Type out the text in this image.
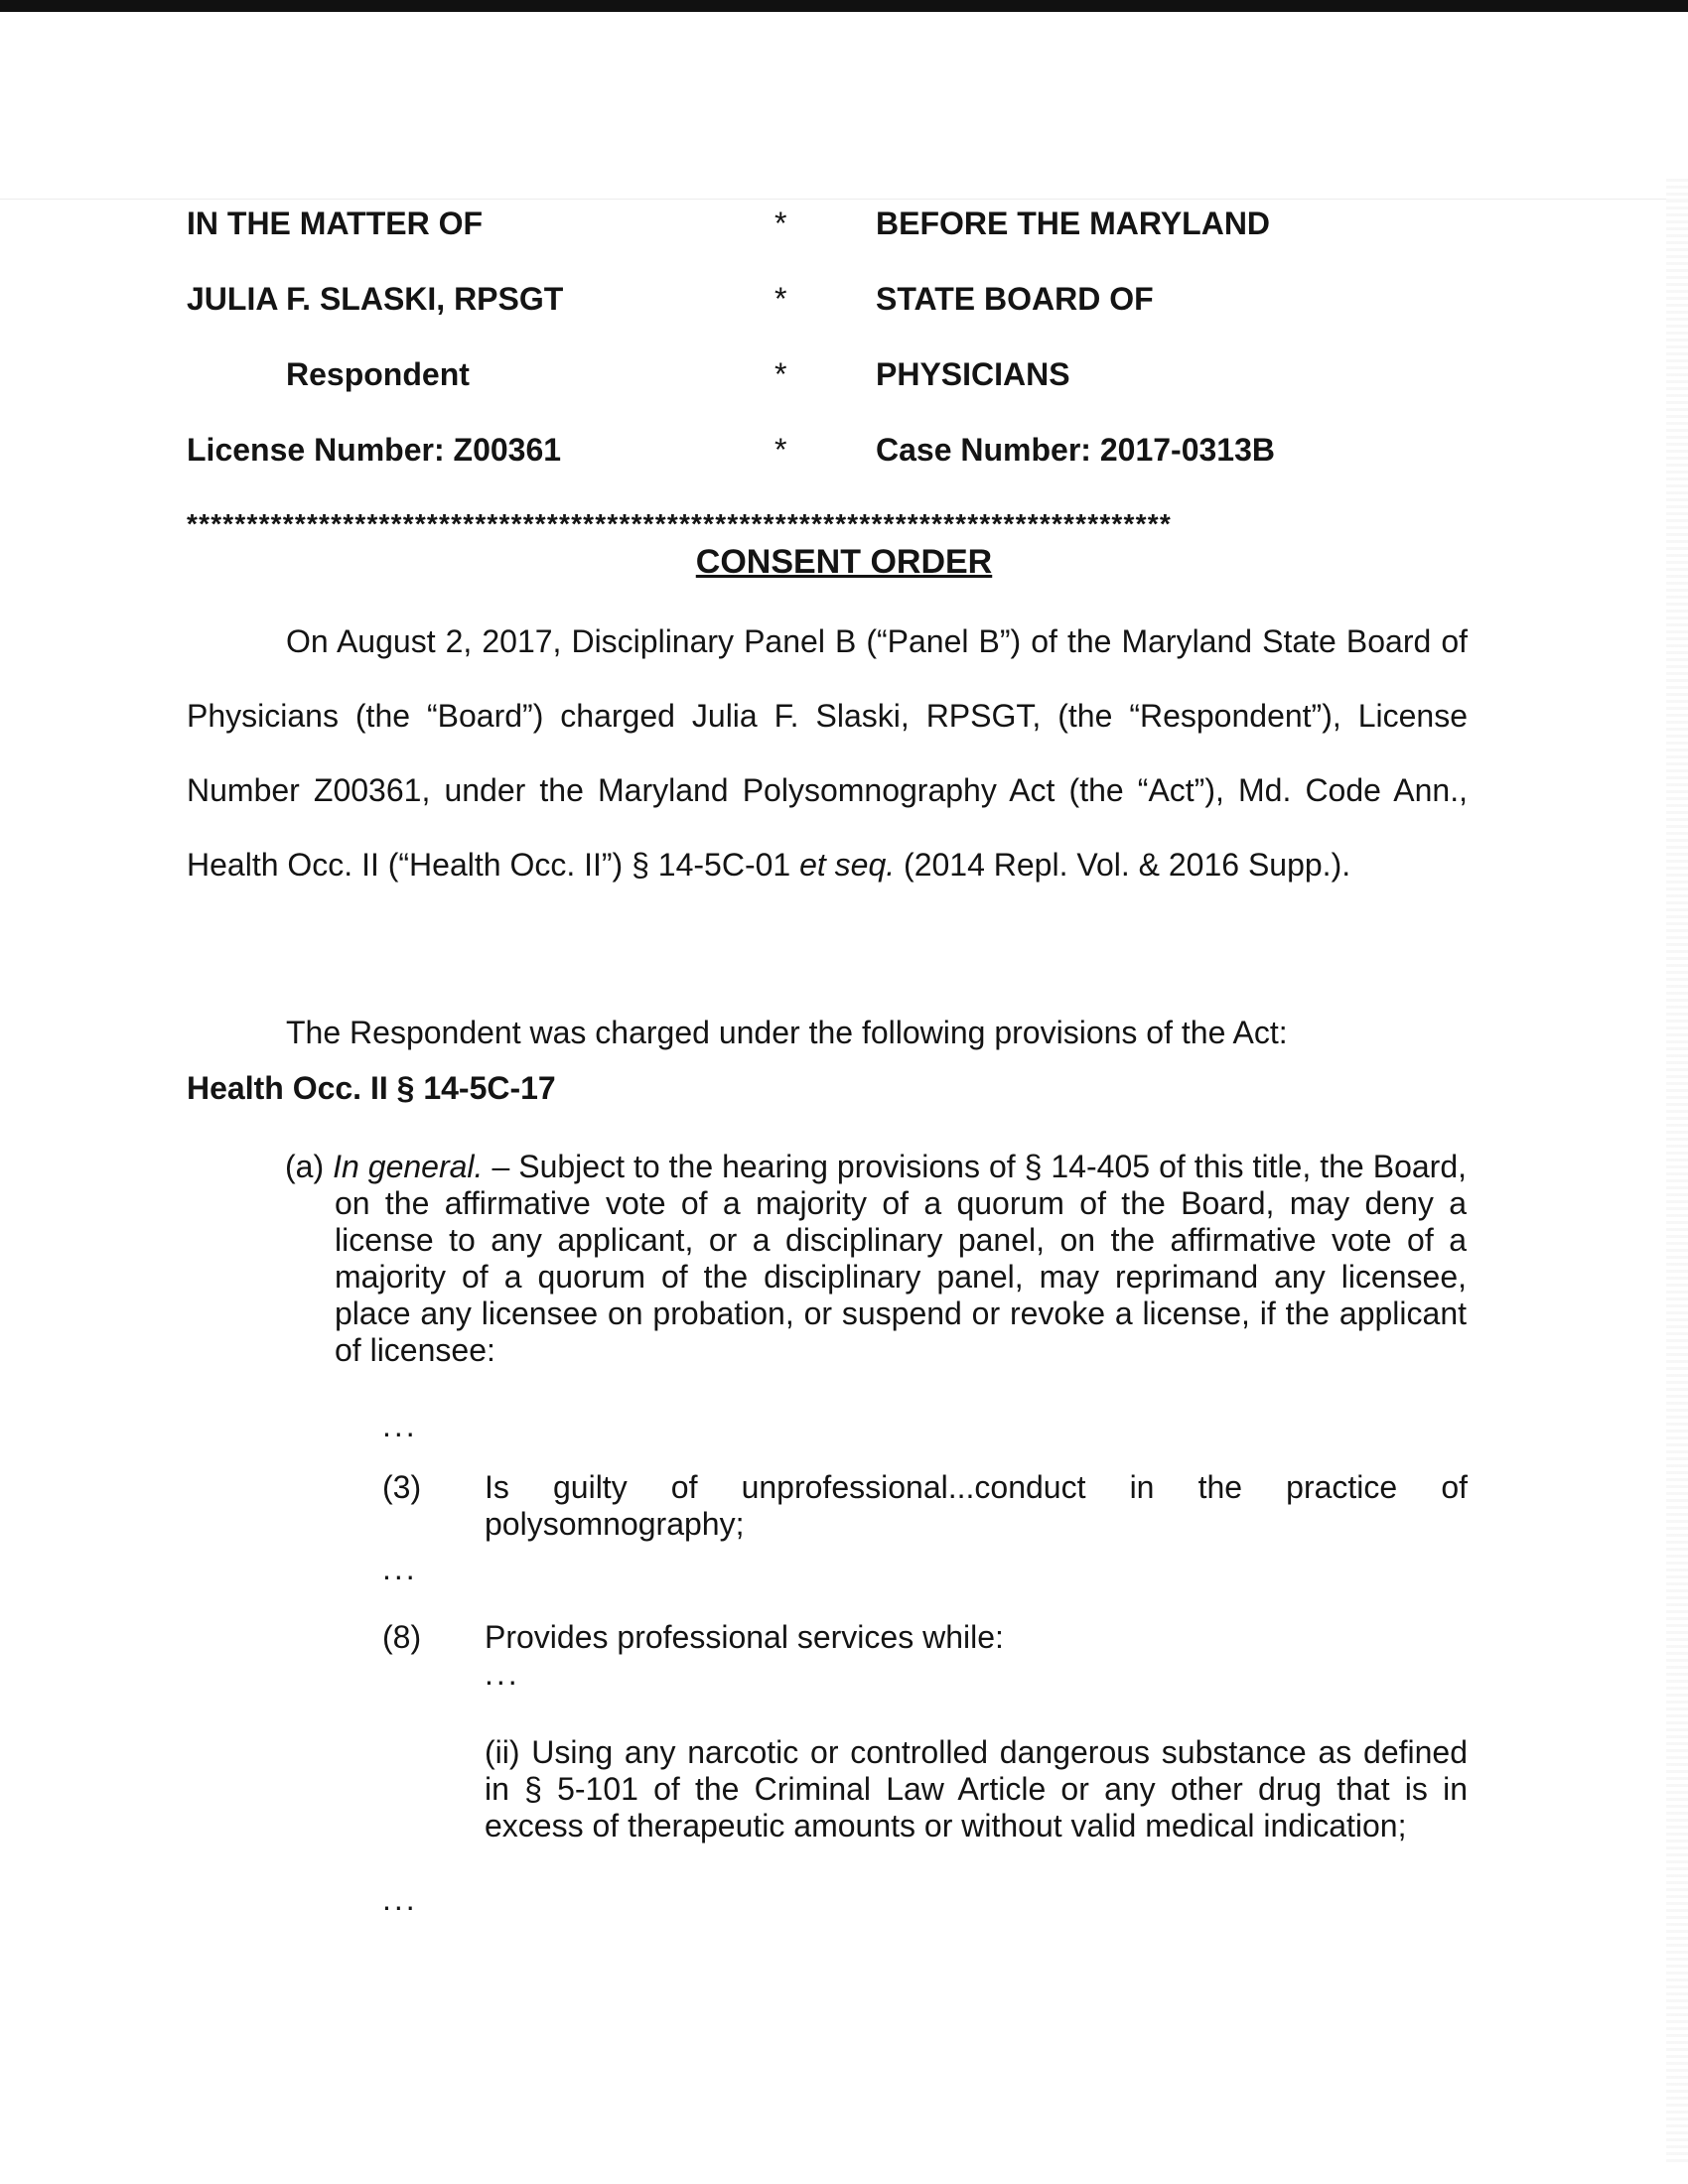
IN THE MATTER OF	*	BEFORE THE MARYLAND
JULIA F. SLASKI, RPSGT	*	STATE BOARD OF
Respondent	*	PHYSICIANS
License Number: Z00361	*	Case Number: 2017-0313B
**********************************************************************************
CONSENT ORDER
On August 2, 2017, Disciplinary Panel B (“Panel B”) of the Maryland State Board of Physicians (the “Board”) charged Julia F. Slaski, RPSGT, (the “Respondent”), License Number Z00361, under the Maryland Polysomnography Act (the “Act”), Md. Code Ann., Health Occ. II (“Health Occ. II”) § 14-5C-01 et seq. (2014 Repl. Vol. & 2016 Supp.).
The Respondent was charged under the following provisions of the Act:
Health Occ. II § 14-5C-17

(a) In general. – Subject to the hearing provisions of § 14-405 of this title, the Board, on the affirmative vote of a majority of a quorum of the Board, may deny a license to any applicant, or a disciplinary panel, on the affirmative vote of a majority of a quorum of the disciplinary panel, may reprimand any licensee, place any licensee on probation, or suspend or revoke a license, if the applicant of licensee:

...
(3) Is guilty of unprofessional...conduct in the practice of polysomnography;
...
(8) Provides professional services while:
...
(ii) Using any narcotic or controlled dangerous substance as defined in § 5-101 of the Criminal Law Article or any other drug that is in excess of therapeutic amounts or without valid medical indication;
...
